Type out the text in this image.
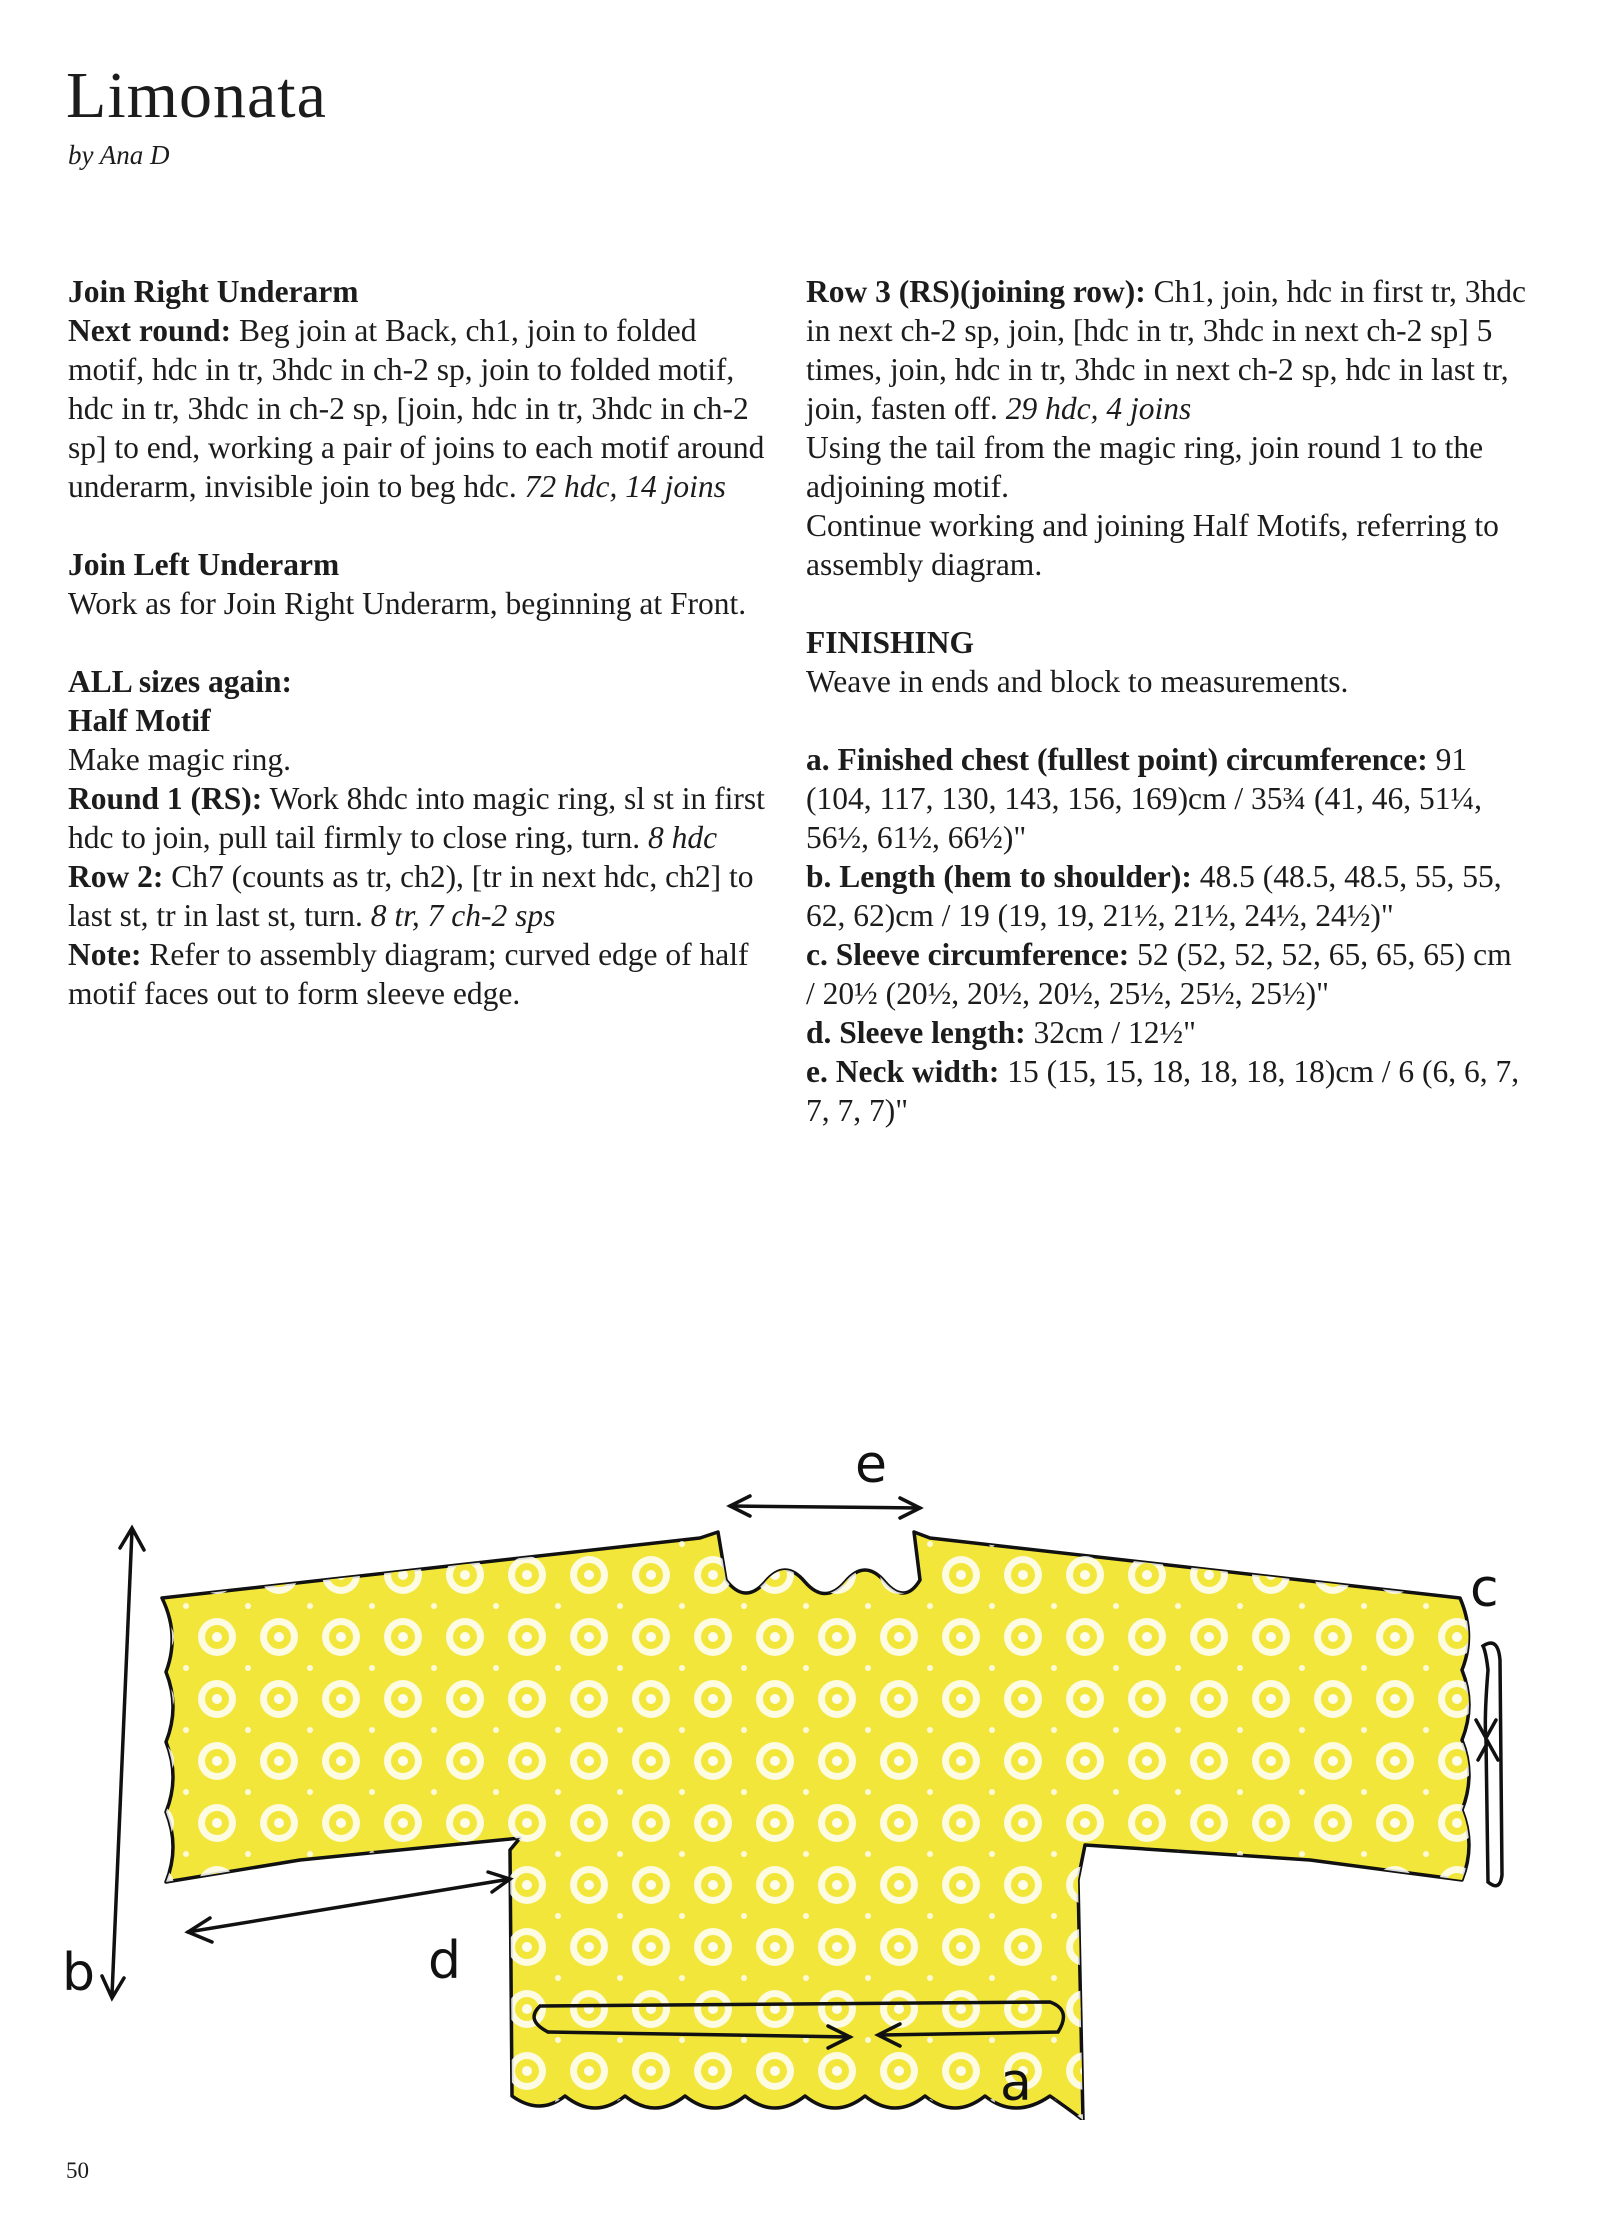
Limonata

by Ana D

Join Right Underarm
Next round: Beg join at Back, ch1, join to folded motif, hdc in tr, 3hdc in ch-2 sp, join to folded motif, hdc in tr, 3hdc in ch-2 sp, [join, hdc in tr, 3hdc in ch-2 sp] to end, working a pair of joins to each motif around underarm, invisible join to beg hdc. 72 hdc, 14 joins

Join Left Underarm
Work as for Join Right Underarm, beginning at Front.

ALL sizes again:
Half Motif
Make magic ring.
Round 1 (RS): Work 8hdc into magic ring, sl st in first hdc to join, pull tail firmly to close ring, turn. 8 hdc
Row 2: Ch7 (counts as tr, ch2), [tr in next hdc, ch2] to last st, tr in last st, turn. 8 tr, 7 ch-2 sps
Note: Refer to assembly diagram; curved edge of half motif faces out to form sleeve edge.

Row 3 (RS)(joining row): Ch1, join, hdc in first tr, 3hdc in next ch-2 sp, join, [hdc in tr, 3hdc in next ch-2 sp] 5 times, join, hdc in tr, 3hdc in next ch-2 sp, hdc in last tr, join, fasten off. 29 hdc, 4 joins
Using the tail from the magic ring, join round 1 to the adjoining motif.
Continue working and joining Half Motifs, referring to assembly diagram.

FINISHING
Weave in ends and block to measurements.

a. Finished chest (fullest point) circumference: 91 (104, 117, 130, 143, 156, 169)cm / 35¾ (41, 46, 51¼, 56½, 61½, 66½)"
b. Length (hem to shoulder): 48.5 (48.5, 48.5, 55, 55, 62, 62)cm / 19 (19, 19, 21½, 21½, 24½, 24½)"
c. Sleeve circumference: 52 (52, 52, 52, 65, 65, 65) cm / 20½ (20½, 20½, 20½, 25½, 25½, 25½)"
d. Sleeve length: 32cm / 12½"
e. Neck width: 15 (15, 15, 18, 18, 18, 18)cm / 6 (6, 6, 7, 7, 7, 7)"

e
b
c
d
a
50
